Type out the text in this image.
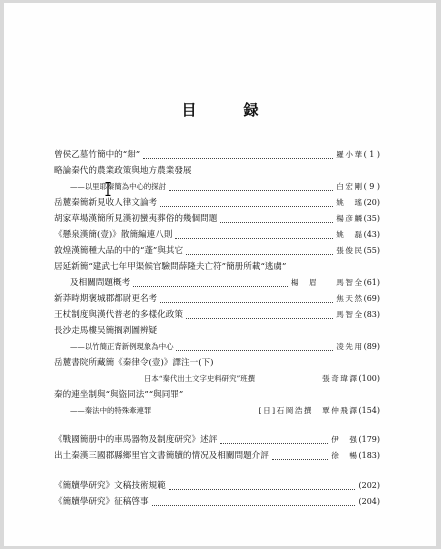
目　録
曾侯乙墓竹簡中的“𤊼”	羅小華 ( 1 )
略論秦代的農業政策與地方農業發展
——以里耶秦簡為中心的探討	白宏剛 ( 9 )
岳麓秦簡新見收人律文論考	姚　瑤 (20)
胡家草場漢簡所見漢初蠻夷葬俗的幾個問題	楊彦麟 (35)
《懸泉漢簡(壹)》散簡編連八則	姚　磊 (43)
敦煌漢簡種大品的中的“蓬”與其它	張俊民 (55)
居延新簡“建武七年甲渠候官驗問薛隆夫亡符”簡册所載“逃虜”
及相關問題概考	楊　眉　　馬智全 (61)
新莽時期褒城郡都尉更名考	焦天然 (69)
王杖制度與漢代普老的多樣化政策	馬智全 (83)
長沙走馬樓吴簡搁剥圖辨疑
——以竹簡正背新例現象為中心	凌先用 (89)
岳麓書院所藏簡《秦律令(壹)》譯注一(下)
日本“秦代出土文字史料研究”班撰	張奇瑋譯 (100)
秦的連坐制與“與盜同法”“與同罪”
——秦法中的特殊牽連罪	[日]石岡浩撰　覃仲飛譯 (154)
《戰國簡册中的車馬器物及制度研究》述評	伊　强 (179)
出土秦漢三國郡縣鄉里官文書簡牘的情况及相關問題介評	徐　暢 (183)
《簡牘學研究》文稿技術規範	(202)
《簡牘學研究》征稿啓事	(204)
